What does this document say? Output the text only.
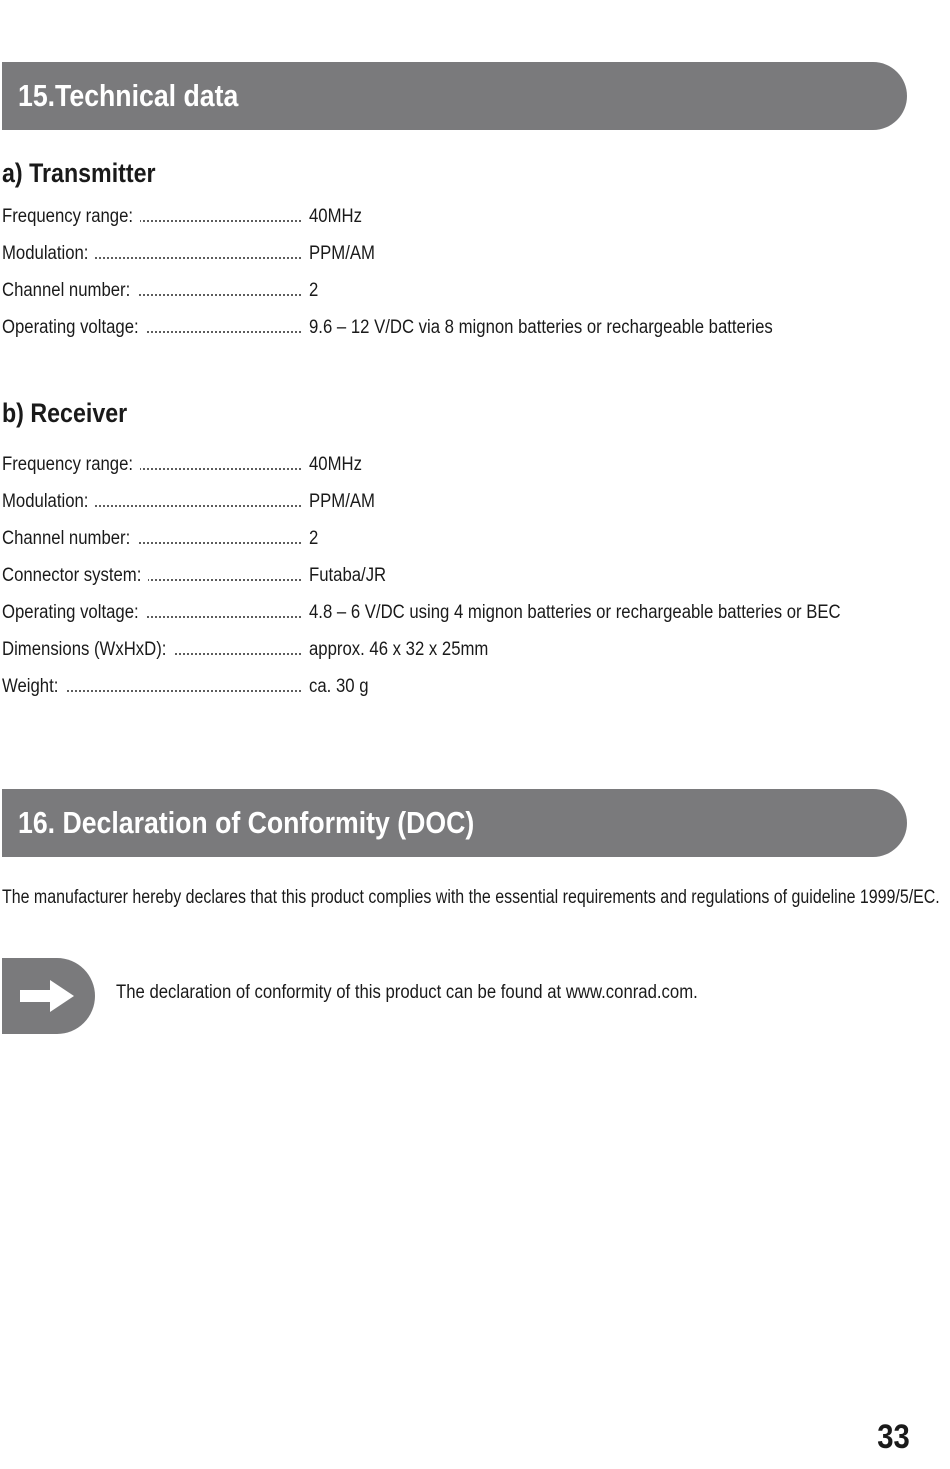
15.Technical data
a) Transmitter
Frequency range:	40MHz
Modulation:	PPM/AM
Channel number:	2
Operating voltage:	9.6 – 12 V/DC via 8 mignon batteries or rechargeable batteries
b) Receiver
Frequency range:	40MHz
Modulation:	PPM/AM
Channel number:	2
Connector system:	Futaba/JR
Operating voltage:	4.8 – 6 V/DC using 4 mignon batteries or rechargeable batteries or BEC
Dimensions (WxHxD):	approx. 46 x 32 x 25mm
Weight:	ca. 30 g
16. Declaration of Conformity (DOC)
The manufacturer hereby declares that this product complies with the essential requirements and regulations of guideline 1999/5/EC.
The declaration of conformity of this product can be found at www.conrad.com.
33
